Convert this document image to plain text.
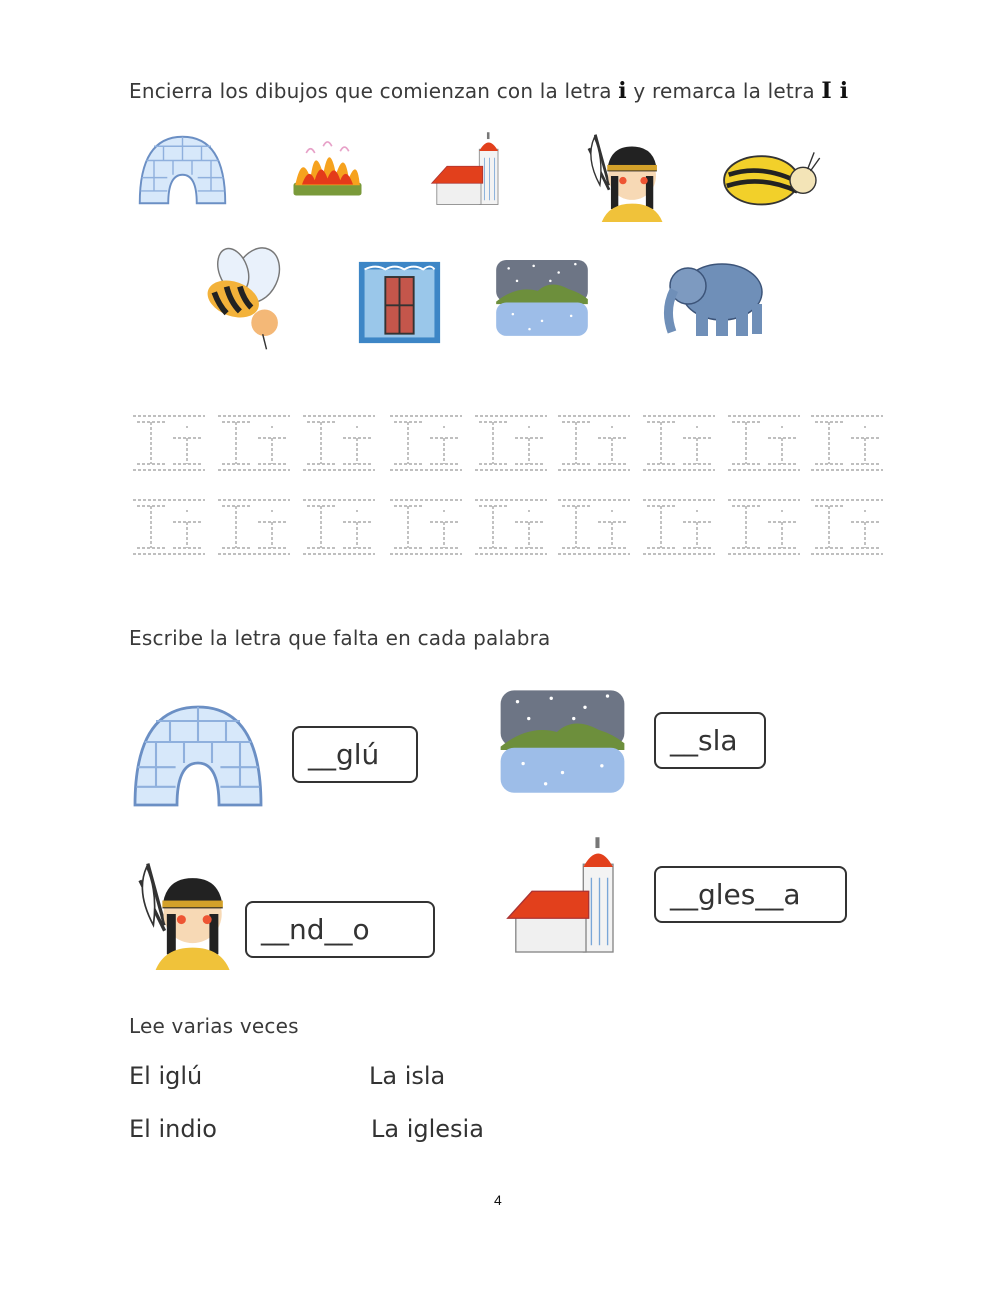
Encierra los dibujos que comienzan con la letra i y remarca la letra I i
Escribe la letra que falta en cada palabra
__glú	__sla
__nd__o
__gles__a
Lee varias veces
El iglú	La isla
El indio	La iglesia
4
